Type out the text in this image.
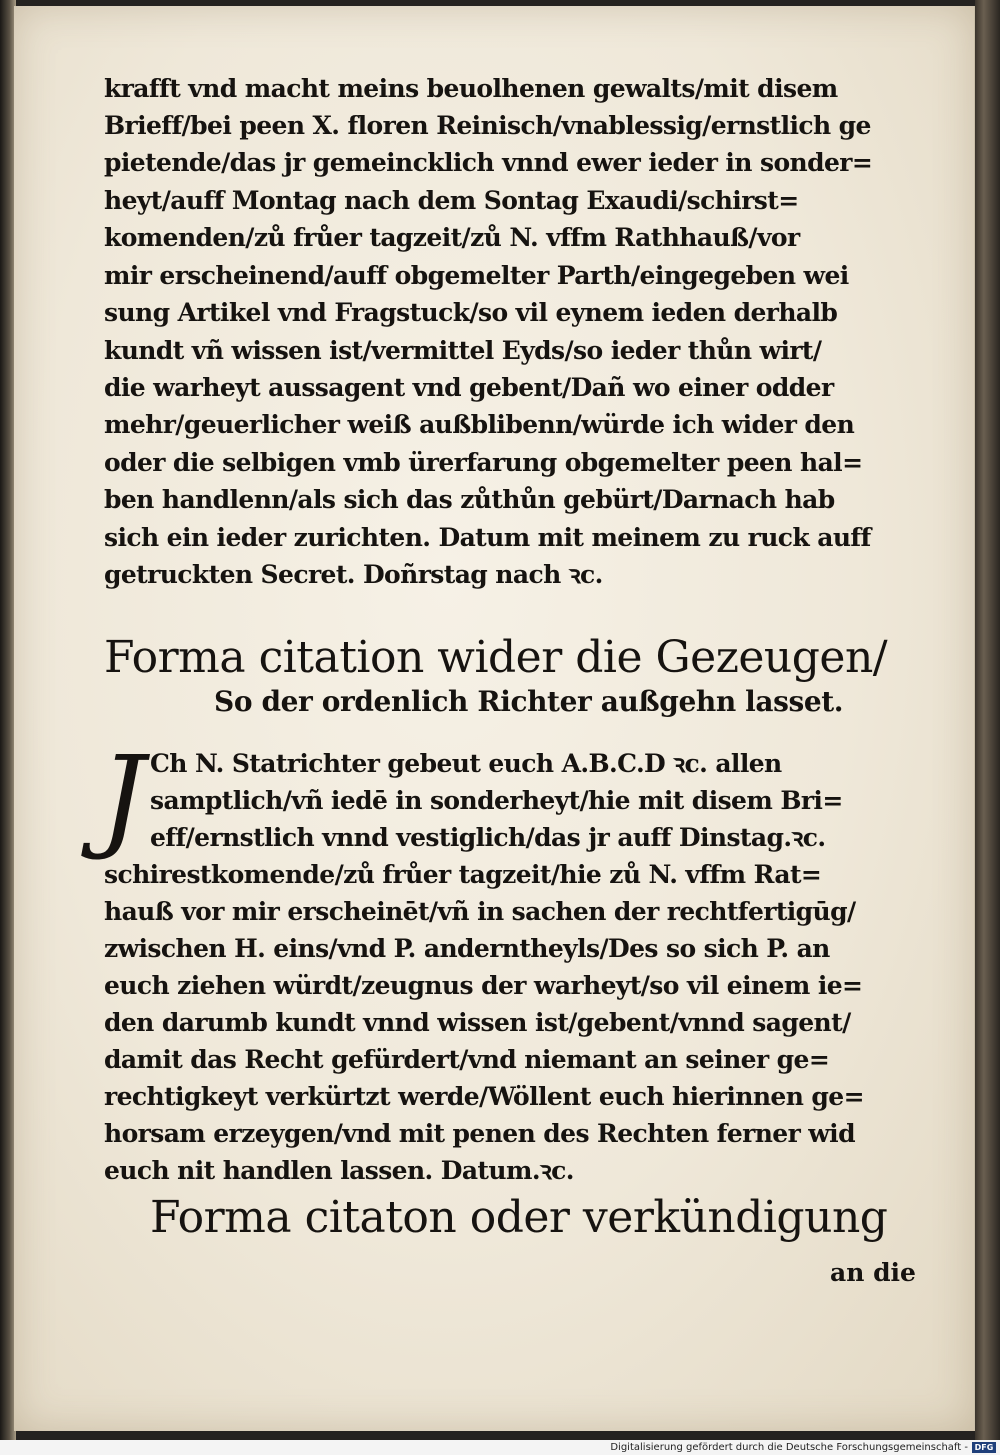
krafft vnd macht meins beuolhenen gewalts/mit disem
Brieff/bei peen X. floren Reinisch/vnablessig/ernstlich ge
pietende/das jr gemeincklich vnnd ewer ieder in sonder=
heyt/auff Montag nach dem Sontag Exaudi/schirst=
komenden/zů frůer tagzeit/zů N. vffm Rathhauß/vor
mir erscheinend/auff obgemelter Parth/eingegeben wei
sung Artikel vnd Fragstuck/so vil eynem ieden derhalb
kundt vñ wissen ist/vermittel Eyds/so ieder thůn wirt/
die warheyt aussagent vnd gebent/Dañ wo einer odder
mehr/geuerlicher weiß außblibenn/würde ich wider den
oder die selbigen vmb ürerfarung obgemelter peen hal=
ben handlenn/als sich das zůthůn gebürt/Darnach hab
sich ein ieder zurichten. Datum mit meinem zu ruck auff
getruckten Secret. Doñrstag nach ꝛc.
Forma citation wider die Gezeugen/
So der ordenlich Richter außgehn lasset.
J Ch N. Statrichter gebeut euch A.B.C.D ꝛc. allen
samptlich/vñ iedē in sonderheyt/hie mit disem Bri=
eff/ernstlich vnnd vestiglich/das jr auff Dinstag.ꝛc.
schirestkomende/zů frůer tagzeit/hie zů N. vffm Rat=
hauß vor mir erscheinēt/vñ in sachen der rechtfertigūg/
zwischen H. eins/vnd P. anderntheyls/Des so sich P. an
euch ziehen würdt/zeugnus der warheyt/so vil einem ie=
den darumb kundt vnnd wissen ist/gebent/vnnd sagent/
damit das Recht gefürdert/vnd niemant an seiner ge=
rechtigkeyt verkürtzt werde/Wöllent euch hierinnen ge=
horsam erzeygen/vnd mit penen des Rechten ferner wid
euch nit handlen lassen. Datum.ꝛc.
Forma citaton oder verkündigung
an die
Digitalisierung gefördert durch die Deutsche Forschungsgemeinschaft - DFG
